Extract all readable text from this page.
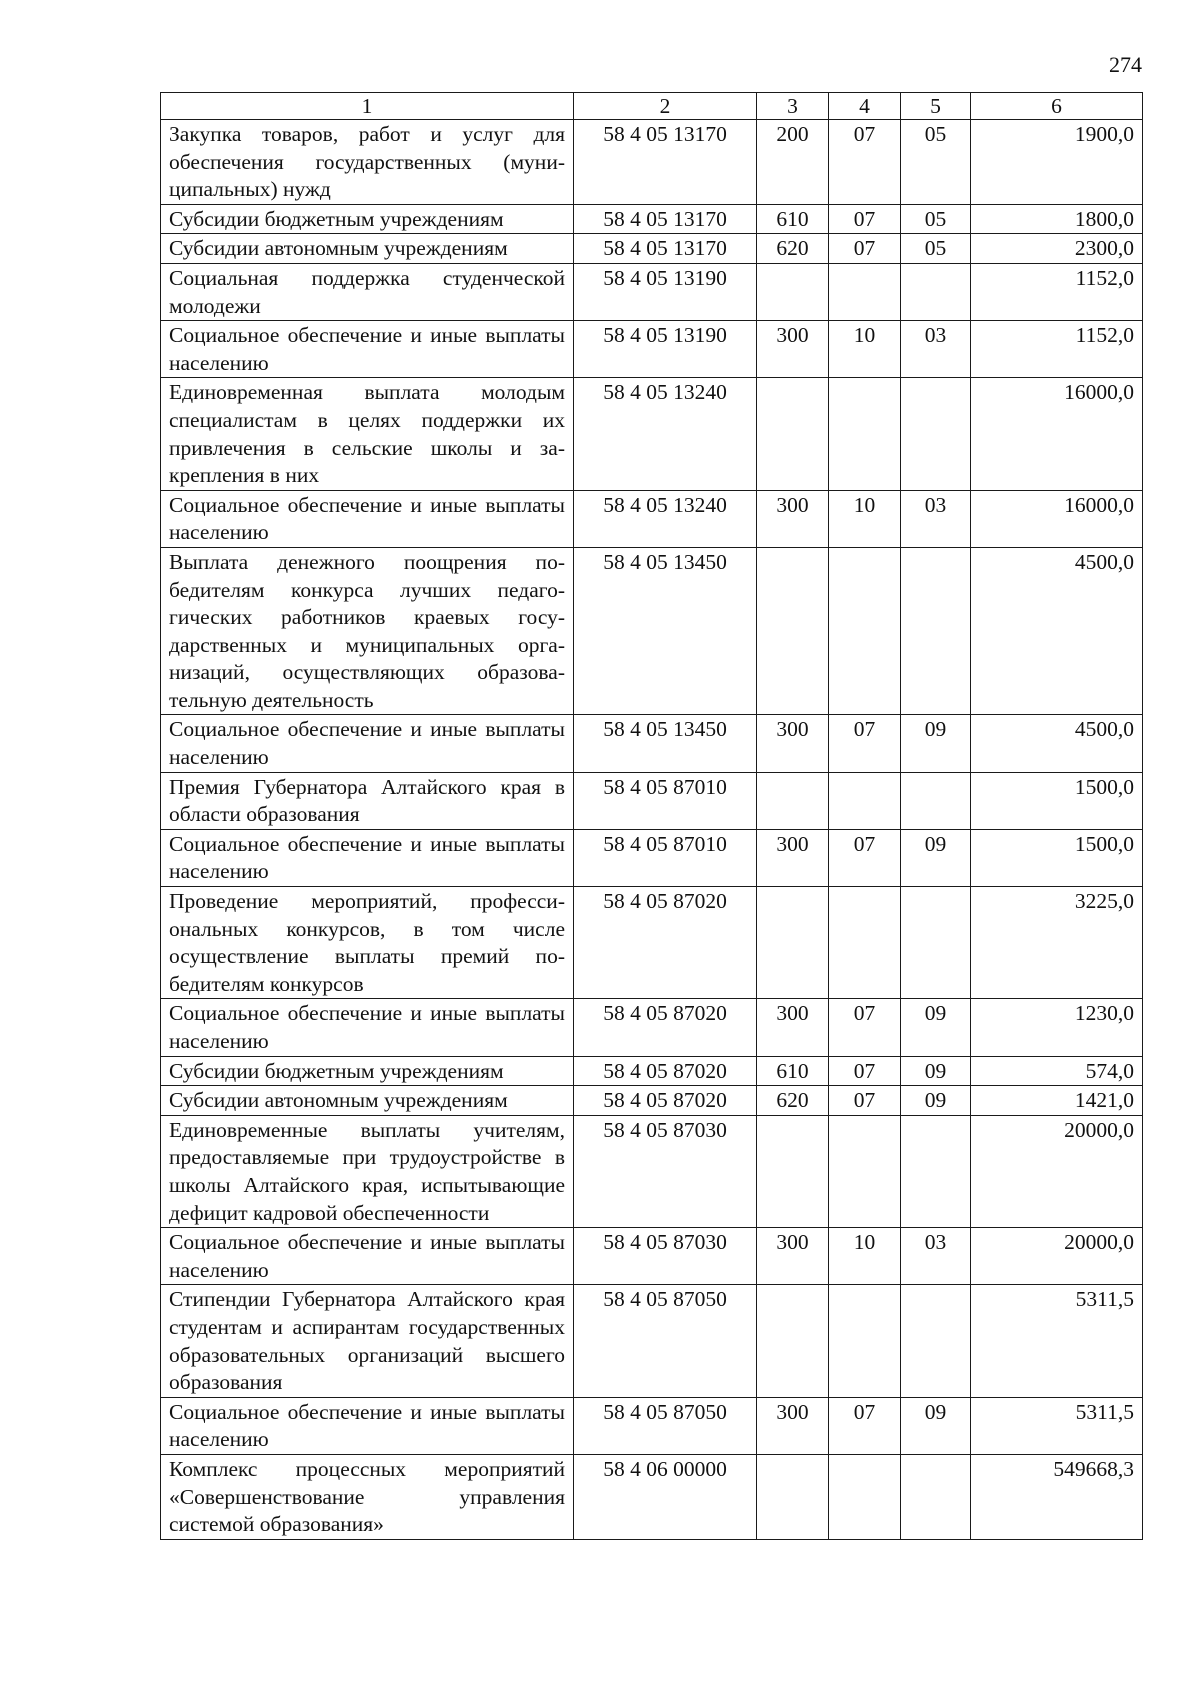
274
1	2	3	4	5	6
Закупка товаров, работ и услуг для обеспечения государственных (муниципальных) нужд	58 4 05 13170	200	07	05	1900,0
Субсидии бюджетным учреждениям	58 4 05 13170	610	07	05	1800,0
Субсидии автономным учреждениям	58 4 05 13170	620	07	05	2300,0
Социальная поддержка студенческой молодежи	58 4 05 13190				1152,0
Социальное обеспечение и иные выплаты населению	58 4 05 13190	300	10	03	1152,0
Единовременная выплата молодым специалистам в целях поддержки их привлечения в сельские школы и закрепления в них	58 4 05 13240				16000,0
Социальное обеспечение и иные выплаты населению	58 4 05 13240	300	10	03	16000,0
Выплата денежного поощрения победителям конкурса лучших педагогических работников краевых государственных и муниципальных организаций, осуществляющих образовательную деятельность	58 4 05 13450				4500,0
Социальное обеспечение и иные выплаты населению	58 4 05 13450	300	07	09	4500,0
Премия Губернатора Алтайского края в области образования	58 4 05 87010				1500,0
Социальное обеспечение и иные выплаты населению	58 4 05 87010	300	07	09	1500,0
Проведение мероприятий, профессиональных конкурсов, в том числе осуществление выплаты премий победителям конкурсов	58 4 05 87020				3225,0
Социальное обеспечение и иные выплаты населению	58 4 05 87020	300	07	09	1230,0
Субсидии бюджетным учреждениям	58 4 05 87020	610	07	09	574,0
Субсидии автономным учреждениям	58 4 05 87020	620	07	09	1421,0
Единовременные выплаты учителям, предоставляемые при трудоустройстве в школы Алтайского края, испытывающие дефицит кадровой обеспеченности	58 4 05 87030				20000,0
Социальное обеспечение и иные выплаты населению	58 4 05 87030	300	10	03	20000,0
Стипендии Губернатора Алтайского края студентам и аспирантам государственных образовательных организаций высшего образования	58 4 05 87050				5311,5
Социальное обеспечение и иные выплаты населению	58 4 05 87050	300	07	09	5311,5
Комплекс процессных мероприятий «Совершенствование управления системой образования»	58 4 06 00000				549668,3
